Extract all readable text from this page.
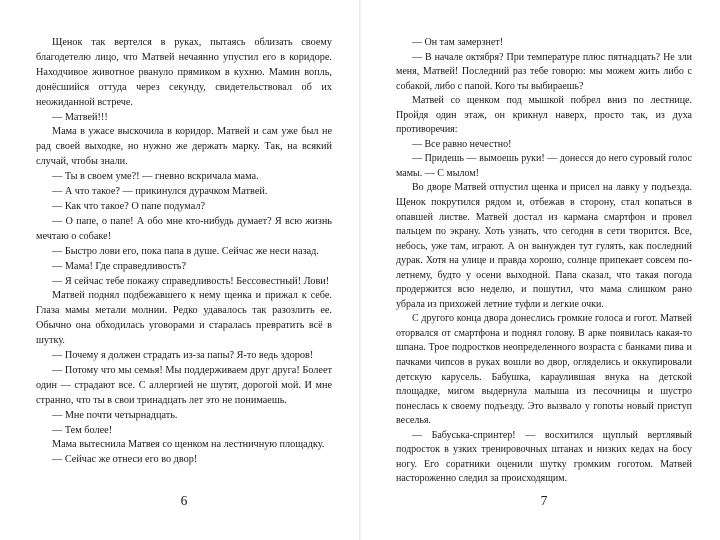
Щенок так вертелся в руках, пытаясь облизать своему благодетелю лицо, что Матвей нечаянно упустил его в коридоре. Находчивое животное рвануло прямиком в кухню. Мамин вопль, донёсшийся оттуда через секунду, свидетельствовал об их неожиданной встрече.

— Матвей!!!

Мама в ужасе выскочила в коридор. Матвей и сам уже был не рад своей выходке, но нужно же держать марку. Так, на всякий случай, чтобы знали.

— Ты в своем уме?! — гневно вскричала мама.

— А что такое? — прикинулся дурачком Матвей.

— Как что такое? О папе подумал?

— О папе, о папе! А обо мне кто-нибудь думает? Я всю жизнь мечтаю о собаке!

— Быстро лови его, пока папа в душе. Сейчас же неси назад.

— Мама! Где справедливость?

— Я сейчас тебе покажу справедливость! Бессовестный! Лови!

Матвей поднял подбежавшего к нему щенка и прижал к себе. Глаза мамы метали молнии. Редко удавалось так разозлить ее. Обычно она обходилась уговорами и старалась превратить всё в шутку.

— Почему я должен страдать из-за папы? Я-то ведь здоров!

— Потому что мы семья! Мы поддерживаем друг друга! Болеет один — страдают все. С аллергией не шутят, дорогой мой. И мне странно, что ты в свои тринадцать лет это не понимаешь.

— Мне почти четырнадцать.

— Тем более!

Мама вытеснила Матвея со щенком на лестничную площадку.

— Сейчас же отнеси его во двор!

— Он там замерзнет!

— В начале октября? При температуре плюс пятнадцать? Не зли меня, Матвей! Последний раз тебе говорю: мы можем жить либо с собакой, либо с папой. Кого ты выбираешь?

Матвей со щенком под мышкой побрел вниз по лестнице. Пройдя один этаж, он крикнул наверх, просто так, из духа противоречия:

— Все равно нечестно!

— Придешь — вымоешь руки! — донесся до него суровый голос мамы. — С мылом!

Во дворе Матвей отпустил щенка и присел на лавку у подъезда. Щенок покрутился рядом и, отбежав в сторону, стал копаться в опавшей листве. Матвей достал из кармана смартфон и провел пальцем по экрану. Хоть узнать, что сегодня в сети творится. Все, небось, уже там, играют. А он вынужден тут гулять, как последний дурак. Хотя на улице и правда хорошо, солнце припекает совсем по-летнему, будто у осени выходной. Папа сказал, что такая погода продержится всю неделю, и пошутил, что мама слишком рано убрала из прихожей летние туфли и легкие очки.

С другого конца двора донеслись громкие голоса и гогот. Матвей оторвался от смартфона и поднял голову. В арке появилась какая-то шпана. Трое подростков неопределенного возраста с банками пива и пачками чипсов в руках вошли во двор, огляделись и оккупировали детскую карусель. Бабушка, караулившая внука на детской площадке, мигом выдернула малыша из песочницы и шустро понеслась к своему подъезду. Это вызвало у гопоты новый приступ веселья.

— Бабуська-спринтер! — восхитился щуплый вертлявый подросток в узких тренировочных штанах и низких кедах на босу ногу. Его соратники оценили шутку громким гоготом. Матвей настороженно следил за происходящим.

6	7
